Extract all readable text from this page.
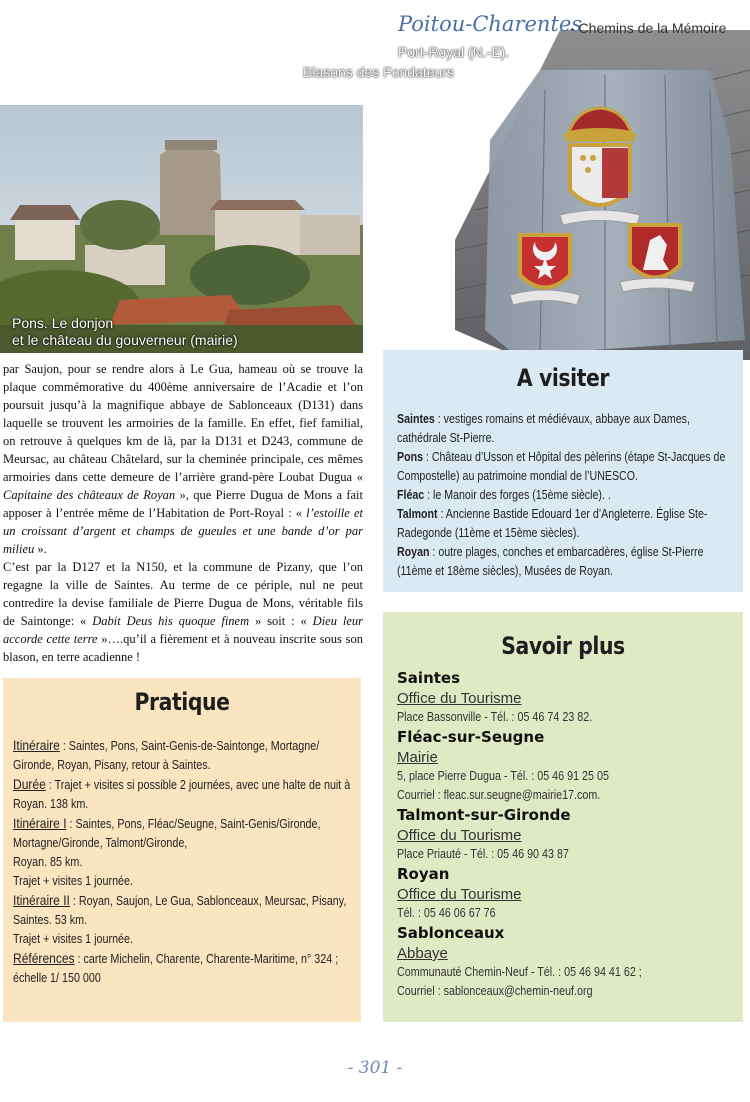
Poitou-Charentes
- Chemins de la Mémoire
Port-Royal (N.-E).
Blasons des Fondateurs
Pons. Le donjon
et le château du gouverneur (mairie)

par Saujon, pour se rendre alors à Le Gua, hameau où se trouve la plaque commémorative du 400ème anniversaire de l’Acadie et l’on poursuit jusqu’à la magnifique abbaye de Sablonceaux (D131) dans laquelle se trouvent les armoiries de la famille. En effet, fief familial, on retrouve à quelques km de là, par la D131 et D243, commune de Meursac, au château Châtelard, sur la cheminée principale, ces mêmes armoiries dans cette demeure de l’arrière grand-père Loubat Dugua « Capitaine des châteaux de Royan », que Pierre Dugua de Mons a fait apposer à l’entrée même de l’Habitation de Port-Royal : « l’estoille et un croissant d’argent et champs de gueules et une bande d’or par milieu ».

C’est par la D127 et la N150, et la commune de Pizany, que l’on regagne la ville de Saintes. Au terme de ce périple, nul ne peut contredire la devise familiale de Pierre Dugua de Mons, véritable fils de Saintonge: « Dabit Deus his quoque finem » soit : « Dieu leur accorde cette terre »….qu’il a fièrement et à nouveau inscrite sous son blason, en terre acadienne !

A visiter
Saintes : vestiges romains et médiévaux, abbaye aux Dames, cathédrale St-Pierre.
Pons : Château d’Usson et Hôpital des pèlerins (étape St-Jacques de Compostelle) au patrimoine mondial de l’UNESCO.
Fléac : le Manoir des forges (15ème siècle). .
Talmont : Ancienne Bastide Edouard 1er d’Angleterre. Église Ste-Radegonde (11ème et 15ème siècles).
Royan : outre plages, conches et embarcadères, église St-Pierre (11ème et 18ème siècles), Musées de Royan.
Pratique
Itinéraire : Saintes, Pons, Saint-Genis-de-Saintonge, Mortagne/ Gironde, Royan, Pisany, retour à Saintes.
Durée : Trajet + visites si possible 2 journées, avec une halte de nuit à Royan. 138 km.
Itinéraire I : Saintes, Pons, Fléac/Seugne, Saint-Genis/Gironde, Mortagne/Gironde, Talmont/Gironde,
Royan. 85 km.
Trajet + visites 1 journée.
Itinéraire II : Royan, Saujon, Le Gua, Sablonceaux, Meursac, Pisany, Saintes. 53 km.
Trajet + visites 1 journée.
Références : carte Michelin, Charente, Charente-Maritime, n° 324 ; échelle 1/ 150 000
Savoir plus
Saintes
Office du Tourisme
Place Bassonville - Tél. : 05 46 74 23 82.
Fléac-sur-Seugne
Mairie
5, place Pierre Dugua - Tél. : 05 46 91 25 05
Courriel : fleac.sur.seugne@mairie17.com.
Talmont-sur-Gironde
Office du Tourisme
Place Priauté - Tél. : 05 46 90 43 87
Royan
Office du Tourisme
Tél. : 05 46 06 67 76
Sablonceaux
Abbaye
Communauté Chemin-Neuf - Tél. : 05 46 94 41 62 ;
Courriel : sablonceaux@chemin-neuf.org
- 301 -
